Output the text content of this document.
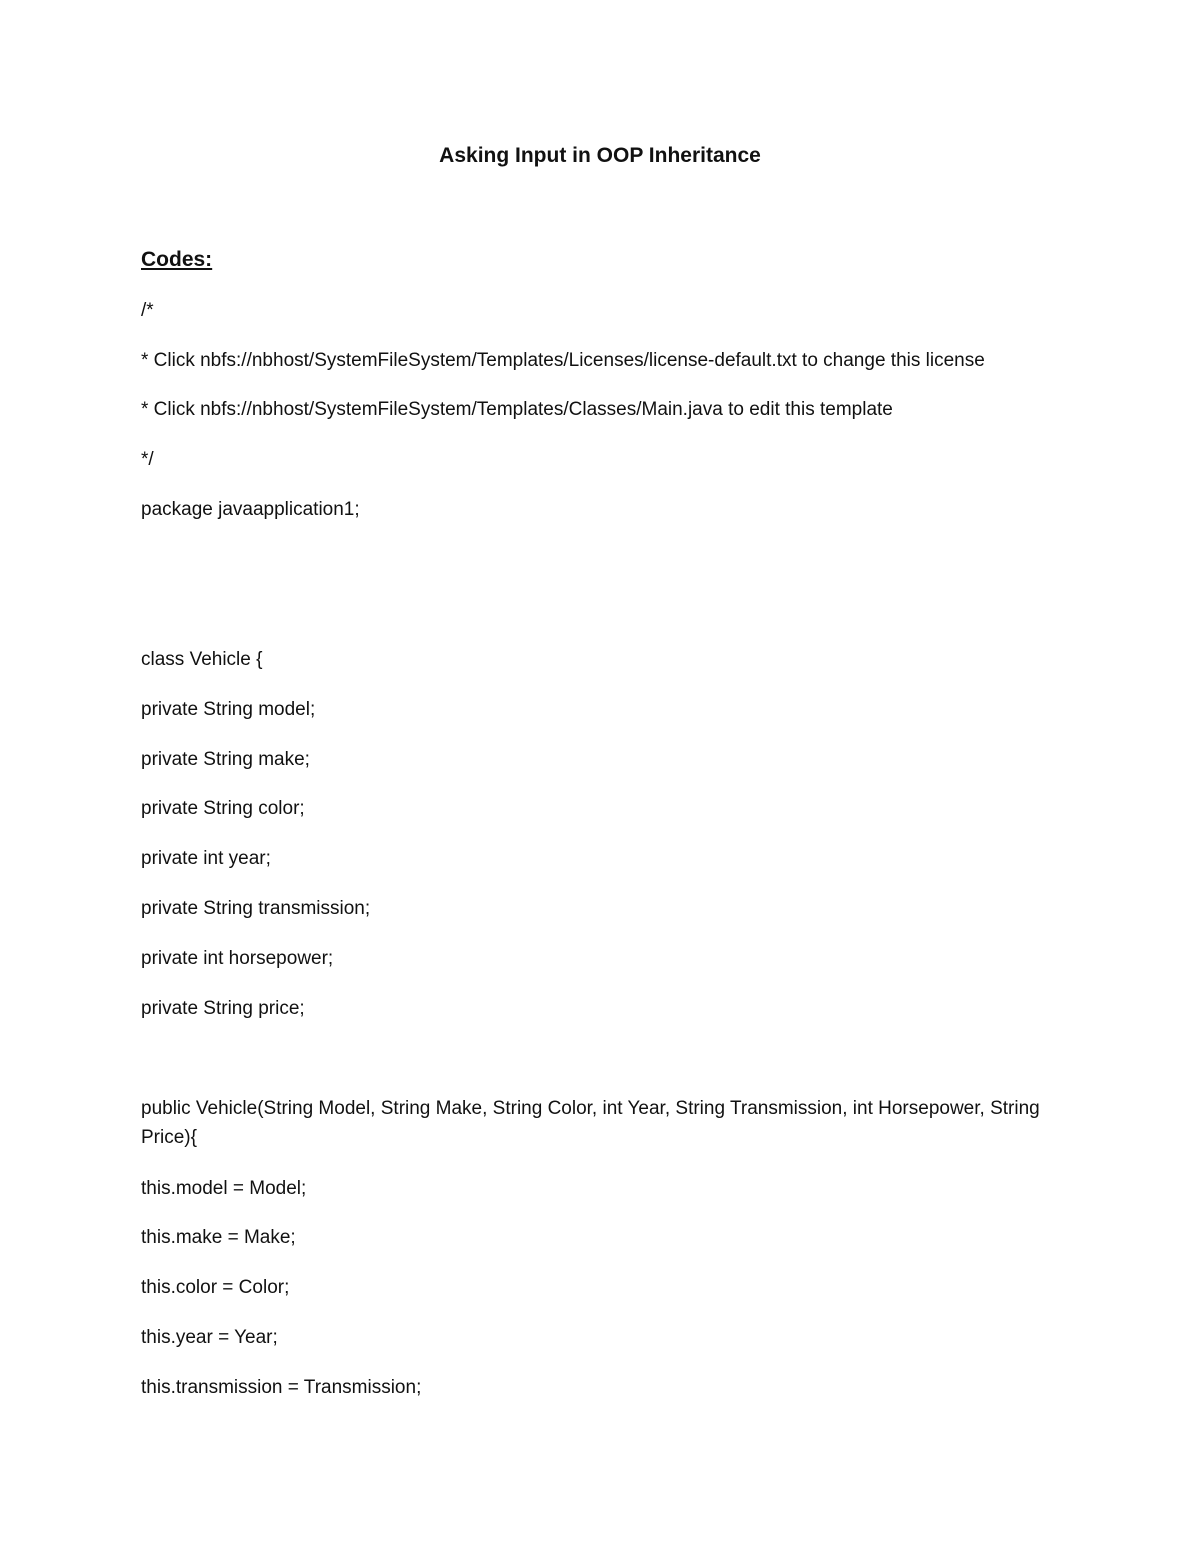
Asking Input in OOP Inheritance
Codes:
/*
* Click nbfs://nbhost/SystemFileSystem/Templates/Licenses/license-default.txt to change this license
* Click nbfs://nbhost/SystemFileSystem/Templates/Classes/Main.java to edit this template
*/
package javaapplication1;
class Vehicle {
private String model;
private String make;
private String color;
private int year;
private String transmission;
private int horsepower;
private String price;
public Vehicle(String Model, String Make, String Color, int Year, String Transmission, int Horsepower, String Price){
this.model = Model;
this.make = Make;
this.color = Color;
this.year = Year;
this.transmission = Transmission;
